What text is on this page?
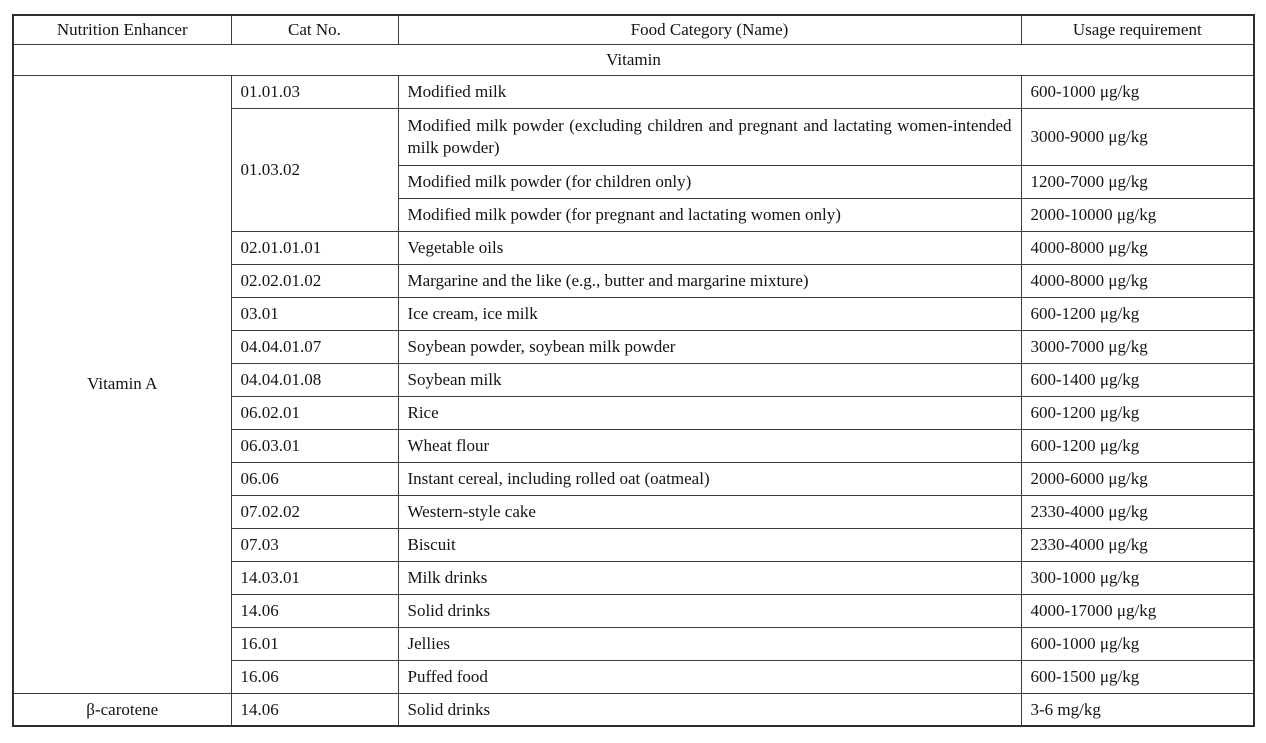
Nutrition Enhancer	Cat No.	Food Category (Name)	Usage requirement
Vitamin			
Vitamin A	01.01.03	Modified milk	600-1000 μg/kg
	01.03.02	Modified milk powder (excluding children and pregnant and lactating women-intended milk powder)	3000-9000 μg/kg
		Modified milk powder (for children only)	1200-7000 μg/kg
		Modified milk powder (for pregnant and lactating women only)	2000-10000 μg/kg
	02.01.01.01	Vegetable oils	4000-8000 μg/kg
	02.02.01.02	Margarine and the like (e.g., butter and margarine mixture)	4000-8000 μg/kg
	03.01	Ice cream, ice milk	600-1200 μg/kg
	04.04.01.07	Soybean powder, soybean milk powder	3000-7000 μg/kg
	04.04.01.08	Soybean milk	600-1400 μg/kg
	06.02.01	Rice	600-1200 μg/kg
	06.03.01	Wheat flour	600-1200 μg/kg
	06.06	Instant cereal, including rolled oat (oatmeal)	2000-6000 μg/kg
	07.02.02	Western-style cake	2330-4000 μg/kg
	07.03	Biscuit	2330-4000 μg/kg
	14.03.01	Milk drinks	300-1000 μg/kg
	14.06	Solid drinks	4000-17000 μg/kg
	16.01	Jellies	600-1000 μg/kg
	16.06	Puffed food	600-1500 μg/kg
β-carotene	14.06	Solid drinks	3-6 mg/kg
